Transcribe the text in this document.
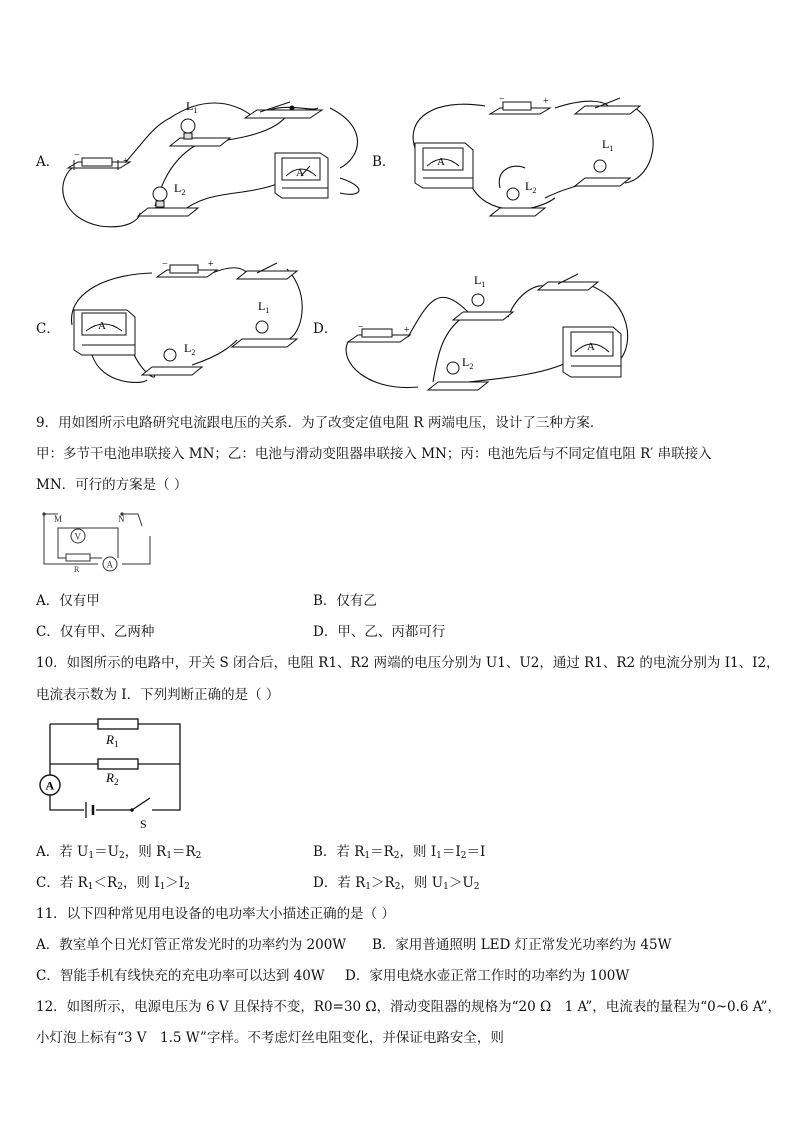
A．	B．
C．	D．
−
+
$L_1$
$L_2$
A
−	+
A
$L_1$
$L_2$
−	+
A
$L_1$
$L_2$
−	+
$L_1$
$L_2$
A
9．用如图所示电路研究电流跟电压的关系．为了改变定值电阻 R 两端电压，设计了三种方案．
甲：多节干电池串联接入 MN；乙：电池与滑动变阻器串联接入 MN；丙：电池先后与不同定值电阻 R′ 串联接入
MN．可行的方案是（ ）
M	N
V
R	A
A．仅有甲	B．仅有乙
C．仅有甲、乙两种	D．甲、乙、丙都可行
10．如图所示的电路中，开关 S 闭合后，电阻 R1、R2 两端的电压分别为 U1、U2，通过 R1、R2 的电流分别为 I1、I2，
电流表示数为 I．下列判断正确的是（ ）
$R_1$
$R_2$
A
S
A．若 $U_1=U_2$，则 $R_1=R_2$	B．若 $R_1=R_2$，则 $I_1=I_2=I$
C．若 $R_1<R_2$，则 $I_1>I_2$	D．若 $R_1>R_2$，则 $U_1>U_2$
11．以下四种常见用电设备的电功率大小描述正确的是（ ）
A．教室单个日光灯管正常发光时的功率约为 200W B．家用普通照明 LED 灯正常发光功率约为 45W
C．智能手机有线快充的充电功率可以达到 40W D．家用电烧水壶正常工作时的功率约为 100W
12．如图所示，电源电压为 6 V 且保持不变，R0=30 Ω，滑动变阻器的规格为“20 Ω　1 A”，电流表的量程为“0~0.6 A”，
小灯泡上标有“3 V　1.5 W”字样。不考虑灯丝电阻变化，并保证电路安全，则
